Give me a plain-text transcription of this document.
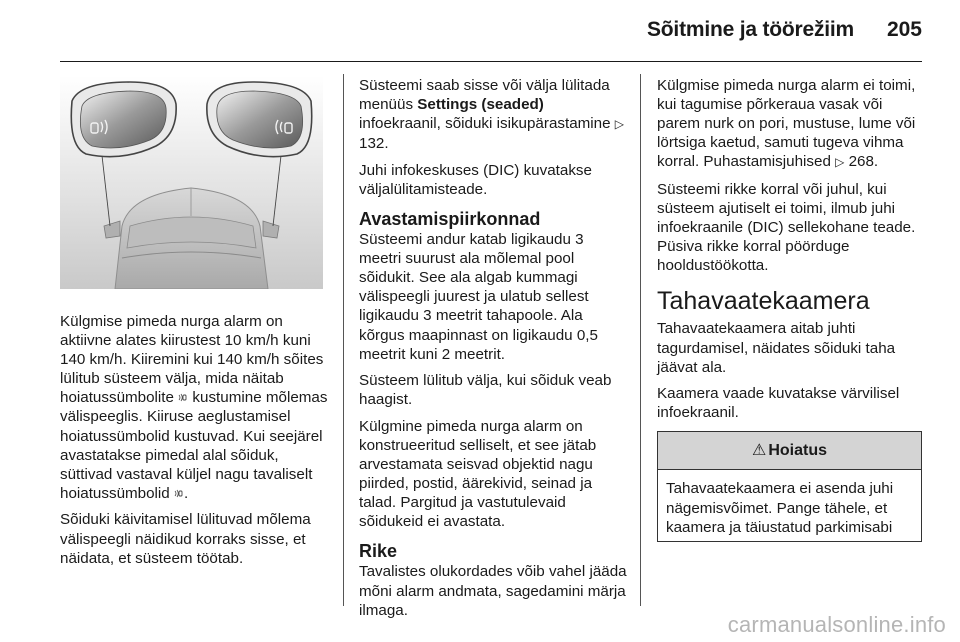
Sõitmine ja töörežiim 205

Külgmise pimeda nurga alarm on aktiivne alates kiirustest 10 km/h kuni 140 km/h. Kiiremini kui 140 km/h sõites lülitub süsteem välja, mida näitab hoiatussümbolite  kustumine mõlemas välispeeglis. Kiiruse aeglustamisel hoiatussümbolid kustuvad. Kui seejärel avastatakse pimedal alal sõiduk, süttivad vastaval küljel nagu tavaliselt hoiatussümbolid .

Sõiduki käivitamisel lülituvad mõlema välispeegli näidikud korraks sisse, et näidata, et süsteem töötab.

Süsteemi saab sisse või välja lülitada menüüs Settings (seaded) infoekraanil, sõiduki isikupärastamine ▷ 132.

Juhi infokeskuses (DIC) kuvatakse väljalülitamisteade.

Avastamispiirkonnad

Süsteemi andur katab ligikaudu 3 meetri suurust ala mõlemal pool sõidukit. See ala algab kummagi välispeegli juurest ja ulatub sellest ligikaudu 3 meetrit tahapoole. Ala kõrgus maapinnast on ligikaudu 0,5 meetrit kuni 2 meetrit.

Süsteem lülitub välja, kui sõiduk veab haagist.

Külgmine pimeda nurga alarm on konstrueeritud selliselt, et see jätab arvestamata seisvad objektid nagu piirded, postid, äärekivid, seinad ja talad. Pargitud ja vastutulevaid sõidukeid ei avastata.

Rike

Tavalistes olukordades võib vahel jääda mõni alarm andmata, sagedamini märja ilmaga.

Külgmise pimeda nurga alarm ei toimi, kui tagumise põrkeraua vasak või parem nurk on pori, mustuse, lume või lörtsiga kaetud, samuti tugeva vihma korral. Puhastamisjuhised ▷ 268.

Süsteemi rikke korral või juhul, kui süsteem ajutiselt ei toimi, ilmub juhi infoekraanile (DIC) sellekohane teade. Püsiva rikke korral pöörduge hooldustöökotta.

Tahavaatekaamera

Tahavaatekaamera aitab juhti tagurdamisel, näidates sõiduki taha jäävat ala.

Kaamera vaade kuvatakse värvilisel infoekraanil.

⚠ Hoiatus
Tahavaatekaamera ei asenda juhi nägemisvõimet. Pange tähele, et kaamera ja täiustatud parkimisabi
carmanualsonline.info
